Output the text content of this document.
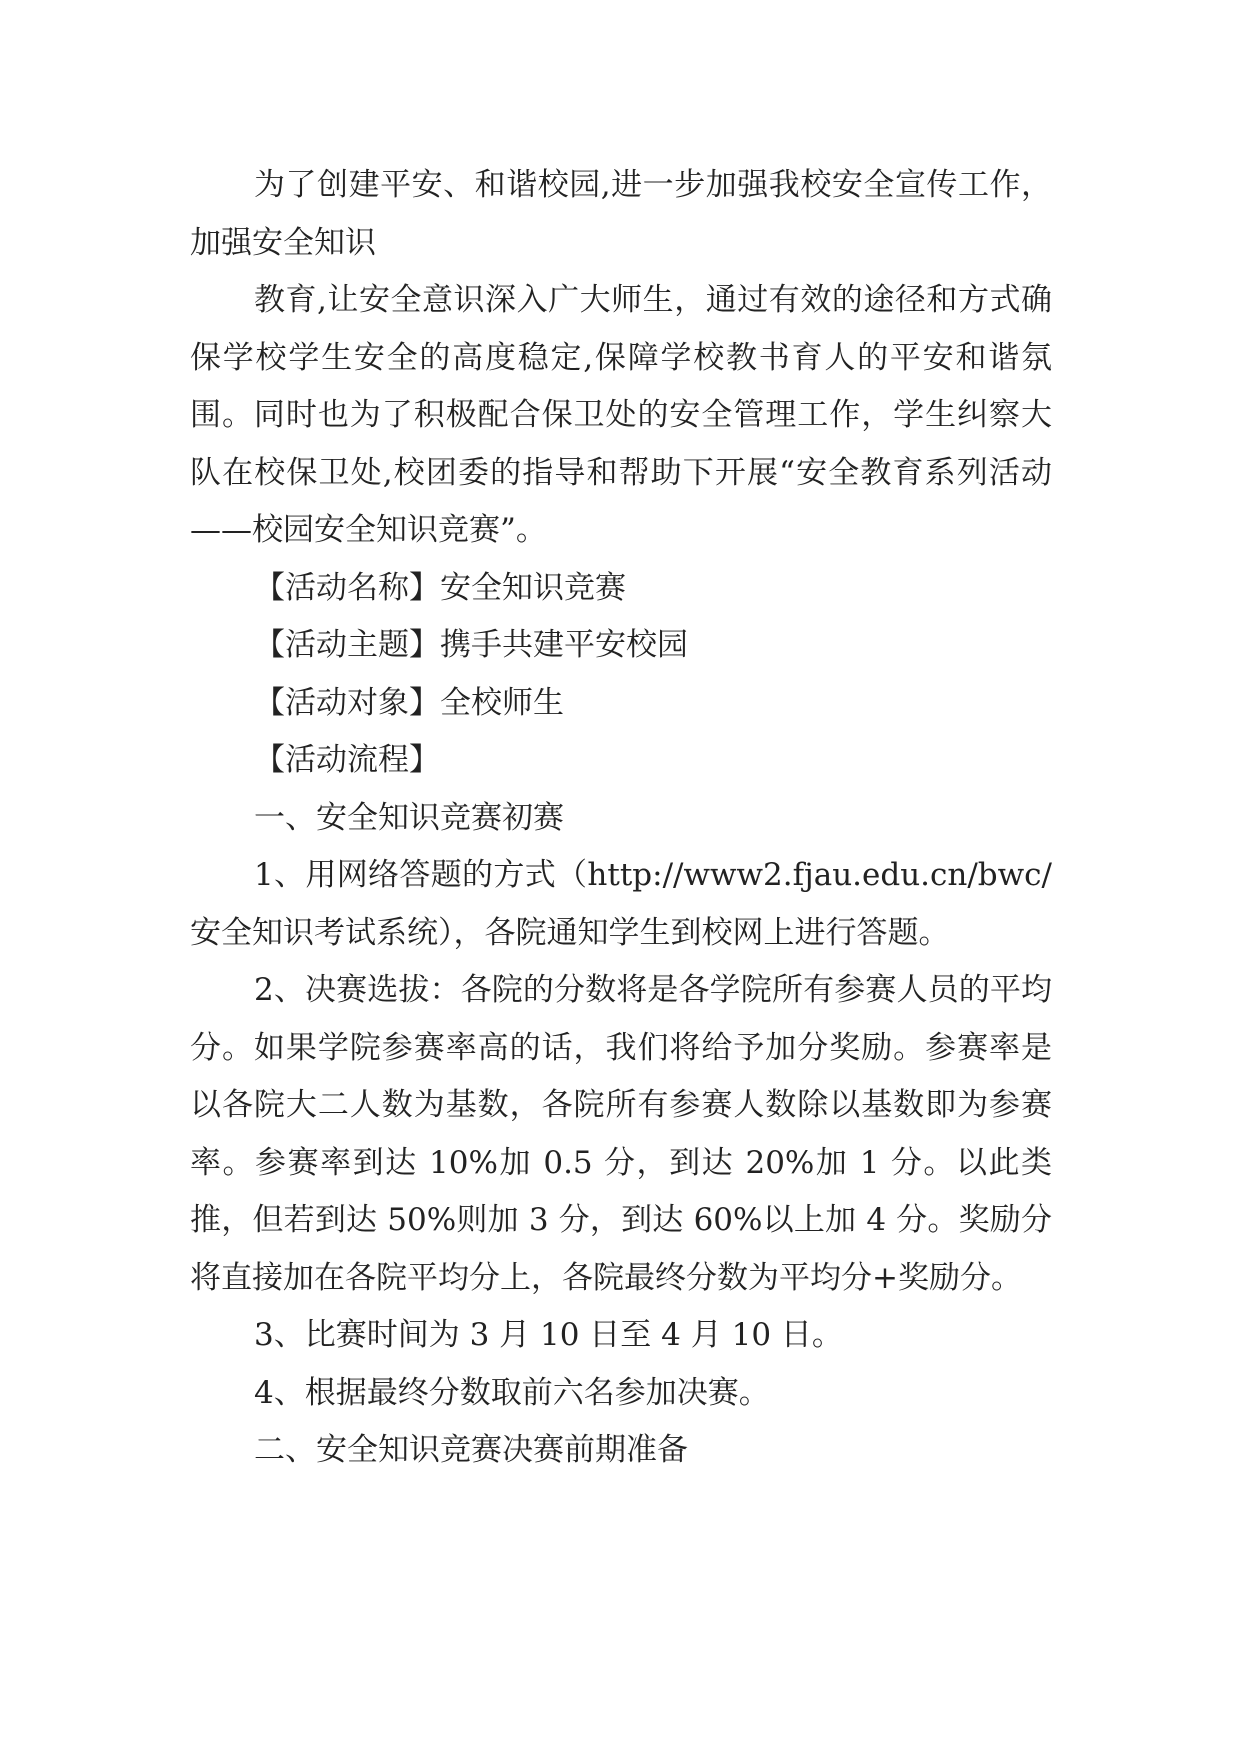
为了创建平安、和谐校园,进一步加强我校安全宣传工作，加强安全知识

教育,让安全意识深入广大师生，通过有效的途径和方式确保学校学生安全的高度稳定,保障学校教书育人的平安和谐氛围。同时也为了积极配合保卫处的安全管理工作，学生纠察大队在校保卫处,校团委的指导和帮助下开展“安全教育系列活动——校园安全知识竞赛”。

【活动名称】安全知识竞赛

【活动主题】携手共建平安校园

【活动对象】全校师生

【活动流程】

一、安全知识竞赛初赛

1、用网络答题的方式（http://www2.fjau.edu.cn/bwc/安全知识考试系统），各院通知学生到校网上进行答题。

2、决赛选拔：各院的分数将是各学院所有参赛人员的平均分。如果学院参赛率高的话，我们将给予加分奖励。参赛率是以各院大二人数为基数，各院所有参赛人数除以基数即为参赛率。参赛率到达 10%加 0.5 分，到达 20%加 1 分。以此类推，但若到达 50%则加 3 分，到达 60%以上加 4 分。奖励分将直接加在各院平均分上，各院最终分数为平均分+奖励分。

3、比赛时间为 3 月 10 日至 4 月 10 日。

4、根据最终分数取前六名参加决赛。

二、安全知识竞赛决赛前期准备
